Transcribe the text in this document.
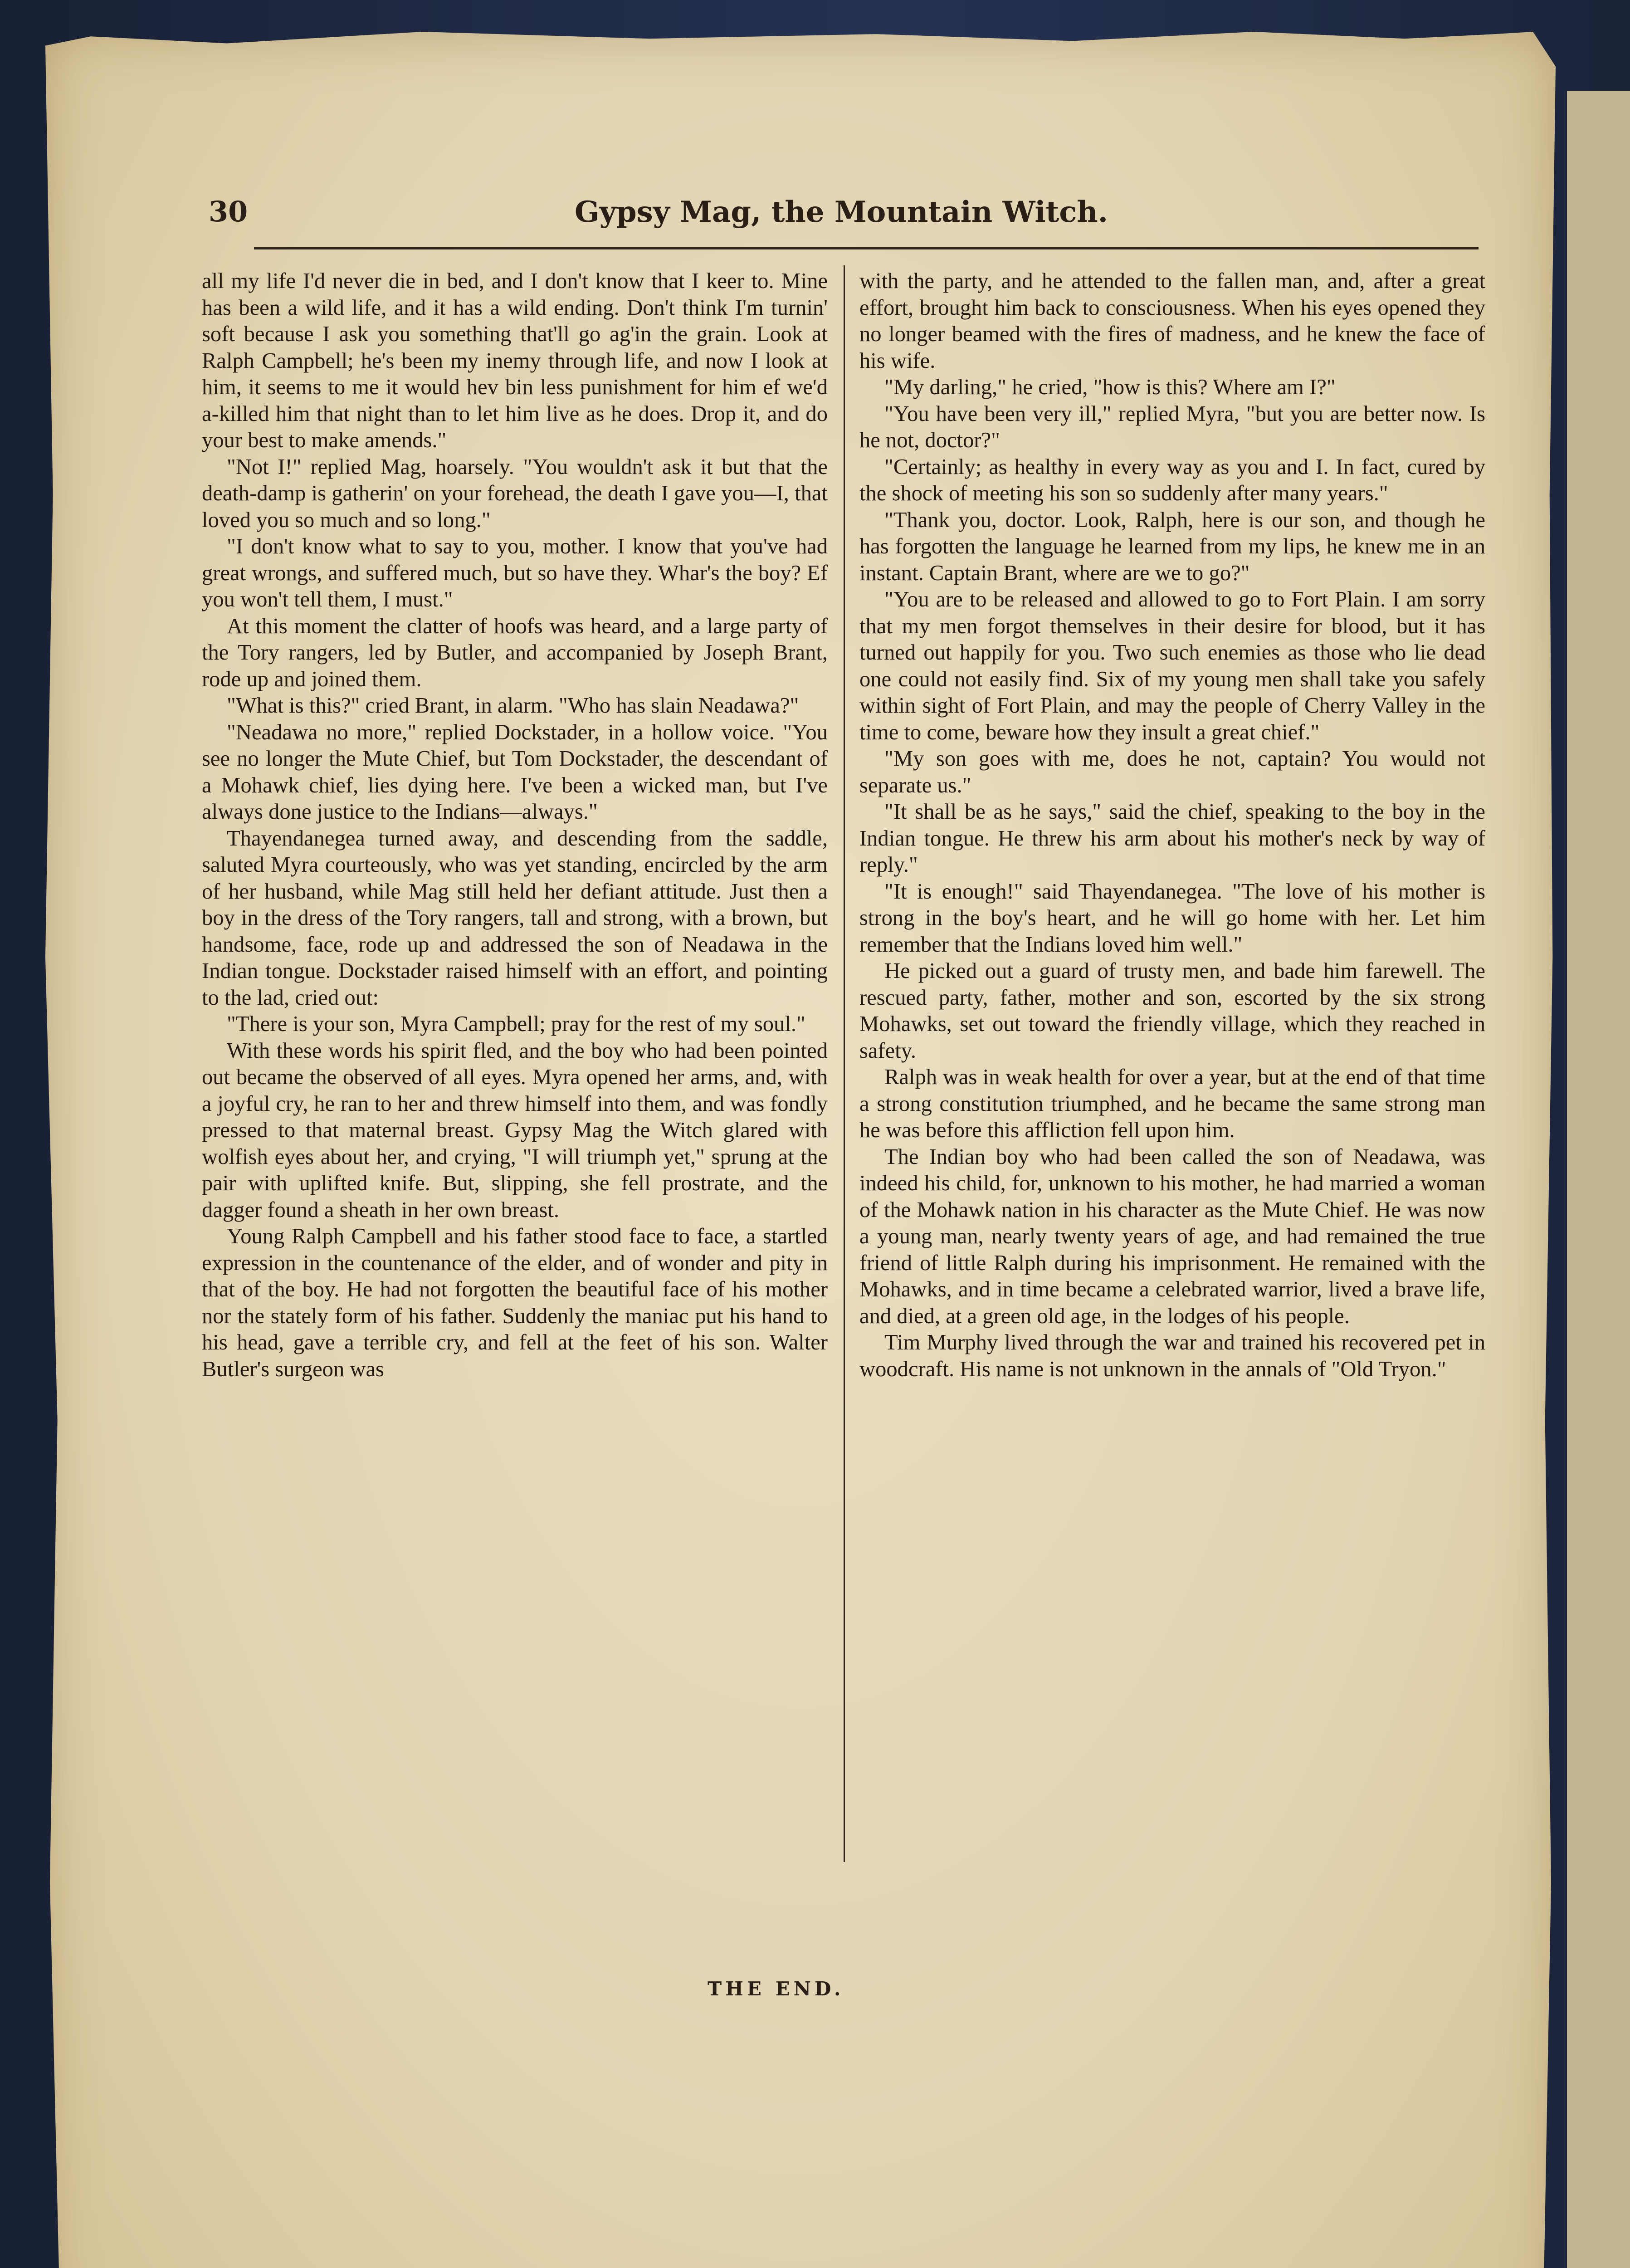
30	Gypsy Mag, the Mountain Witch.

all my life I'd never die in bed, and I don't know that I keer to. Mine has been a wild life, and it has a wild ending. Don't think I'm turnin' soft because I ask you something that'll go ag'in the grain. Look at Ralph Campbell; he's been my inemy through life, and now I look at him, it seems to me it would hev bin less punishment for him ef we'd a-killed him that night than to let him live as he does. Drop it, and do your best to make amends."

"Not I!" replied Mag, hoarsely. "You wouldn't ask it but that the death-damp is gatherin' on your forehead, the death I gave you—I, that loved you so much and so long."

"I don't know what to say to you, mother. I know that you've had great wrongs, and suffered much, but so have they. Whar's the boy? Ef you won't tell them, I must."

At this moment the clatter of hoofs was heard, and a large party of the Tory rangers, led by Butler, and accompanied by Joseph Brant, rode up and joined them.

"What is this?" cried Brant, in alarm. "Who has slain Neadawa?"

"Neadawa no more," replied Dockstader, in a hollow voice. "You see no longer the Mute Chief, but Tom Dockstader, the descendant of a Mohawk chief, lies dying here. I've been a wicked man, but I've always done justice to the Indians—always."

Thayendanegea turned away, and descending from the saddle, saluted Myra courteously, who was yet standing, encircled by the arm of her husband, while Mag still held her defiant attitude. Just then a boy in the dress of the Tory rangers, tall and strong, with a brown, but handsome, face, rode up and addressed the son of Neadawa in the Indian tongue. Dockstader raised himself with an effort, and pointing to the lad, cried out:

"There is your son, Myra Campbell; pray for the rest of my soul."

With these words his spirit fled, and the boy who had been pointed out became the observed of all eyes. Myra opened her arms, and, with a joyful cry, he ran to her and threw himself into them, and was fondly pressed to that maternal breast. Gypsy Mag the Witch glared with wolfish eyes about her, and crying, "I will triumph yet," sprung at the pair with uplifted knife. But, slipping, she fell prostrate, and the dagger found a sheath in her own breast.

Young Ralph Campbell and his father stood face to face, a startled expression in the countenance of the elder, and of wonder and pity in that of the boy. He had not forgotten the beautiful face of his mother nor the stately form of his father. Suddenly the maniac put his hand to his head, gave a terrible cry, and fell at the feet of his son. Walter Butler's surgeon was

with the party, and he attended to the fallen man, and, after a great effort, brought him back to consciousness. When his eyes opened they no longer beamed with the fires of madness, and he knew the face of his wife.

"My darling," he cried, "how is this? Where am I?"

"You have been very ill," replied Myra, "but you are better now. Is he not, doctor?"

"Certainly; as healthy in every way as you and I. In fact, cured by the shock of meeting his son so suddenly after many years."

"Thank you, doctor. Look, Ralph, here is our son, and though he has forgotten the language he learned from my lips, he knew me in an instant. Captain Brant, where are we to go?"

"You are to be released and allowed to go to Fort Plain. I am sorry that my men forgot themselves in their desire for blood, but it has turned out happily for you. Two such enemies as those who lie dead one could not easily find. Six of my young men shall take you safely within sight of Fort Plain, and may the people of Cherry Valley in the time to come, beware how they insult a great chief."

"My son goes with me, does he not, captain? You would not separate us."

"It shall be as he says," said the chief, speaking to the boy in the Indian tongue. He threw his arm about his mother's neck by way of reply."

"It is enough!" said Thayendanegea. "The love of his mother is strong in the boy's heart, and he will go home with her. Let him remember that the Indians loved him well."

He picked out a guard of trusty men, and bade him farewell. The rescued party, father, mother and son, escorted by the six strong Mohawks, set out toward the friendly village, which they reached in safety.

Ralph was in weak health for over a year, but at the end of that time a strong constitution triumphed, and he became the same strong man he was before this affliction fell upon him.

The Indian boy who had been called the son of Neadawa, was indeed his child, for, unknown to his mother, he had married a woman of the Mohawk nation in his character as the Mute Chief. He was now a young man, nearly twenty years of age, and had remained the true friend of little Ralph during his imprisonment. He remained with the Mohawks, and in time became a celebrated warrior, lived a brave life, and died, at a green old age, in the lodges of his people.

Tim Murphy lived through the war and trained his recovered pet in woodcraft. His name is not unknown in the annals of "Old Tryon."

THE END.
